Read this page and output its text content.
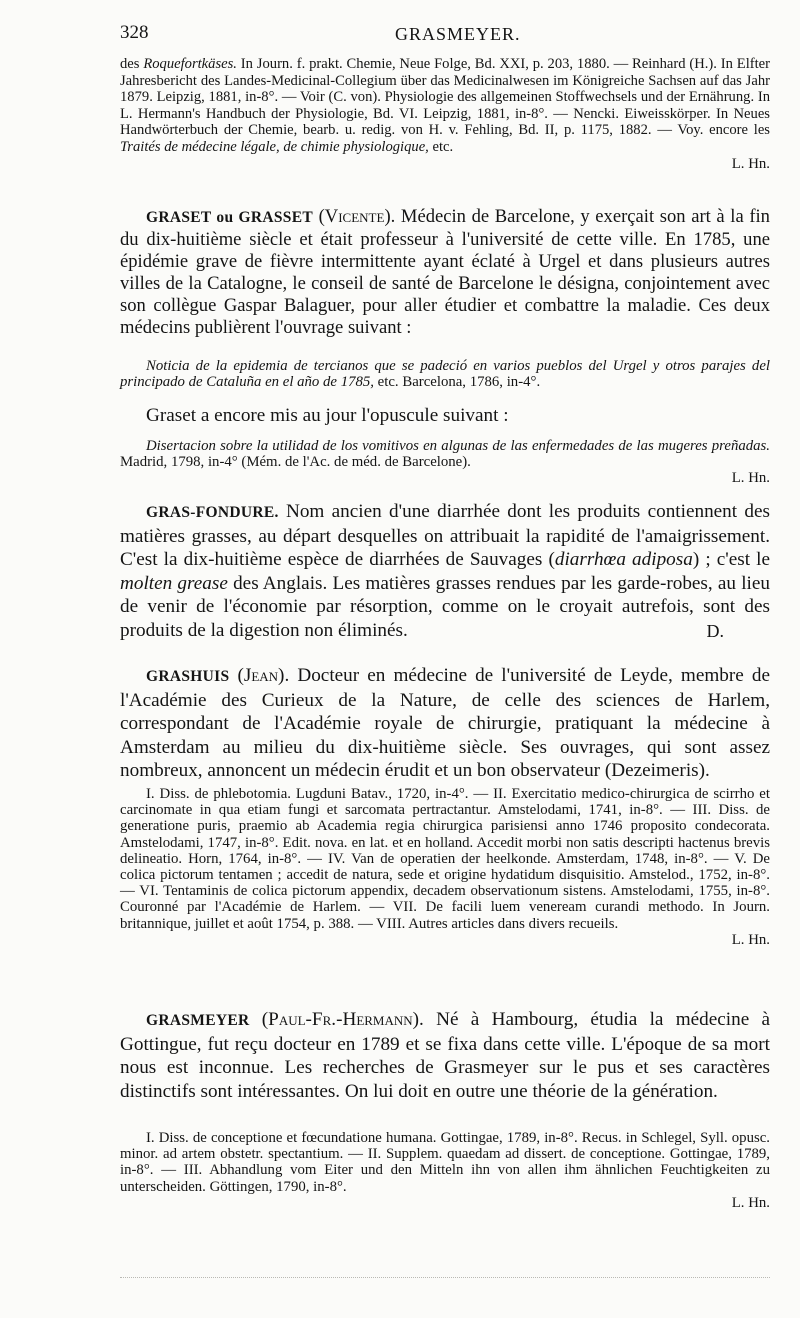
328	GRASMEYER.

des Roquefortkäses. In Journ. f. prakt. Chemie, Neue Folge, Bd. XXI, p. 203, 1880. — Reinhard (H.). In Elfter Jahresbericht des Landes-Medicinal-Collegium über das Medicinalwesen im Königreiche Sachsen auf das Jahr 1879. Leipzig, 1881, in-8°. — Voir (C. von). Physiologie des allgemeinen Stoffwechsels und der Ernährung. In L. Hermann's Handbuch der Physiologie, Bd. VI. Leipzig, 1881, in-8°. — Nencki. Eiweisskörper. In Neues Handwörterbuch der Chemie, bearb. u. redig. von H. v. Fehling, Bd. II, p. 1175, 1882. — Voy. encore les Traités de médecine légale, de chimie physiologique, etc.
L. Hn.

GRASET ou GRASSET (Vicente). Médecin de Barcelone, y exerçait son art à la fin du dix-huitième siècle et était professeur à l'université de cette ville. En 1785, une épidémie grave de fièvre intermittente ayant éclaté à Urgel et dans plusieurs autres villes de la Catalogne, le conseil de santé de Barcelone le désigna, conjointement avec son collègue Gaspar Balaguer, pour aller étudier et combattre la maladie. Ces deux médecins publièrent l'ouvrage suivant :

Noticia de la epidemia de tercianos que se padeció en varios pueblos del Urgel y otros parajes del principado de Cataluña en el año de 1785, etc. Barcelona, 1786, in-4°.

Graset a encore mis au jour l'opuscule suivant :

Disertacion sobre la utilidad de los vomitivos en algunas de las enfermedades de las mugeres preñadas. Madrid, 1798, in-4° (Mém. de l'Ac. de méd. de Barcelone).
L. Hn.

GRAS-FONDURE. Nom ancien d'une diarrhée dont les produits contiennent des matières grasses, au départ desquelles on attribuait la rapidité de l'amaigrissement. C'est la dix-huitième espèce de diarrhées de Sauvages (diarrhœa adiposa) ; c'est le molten grease des Anglais. Les matières grasses rendues par les garde-robes, au lieu de venir de l'économie par résorption, comme on le croyait autrefois, sont des produits de la digestion non éliminés.	D.

GRASHUIS (Jean). Docteur en médecine de l'université de Leyde, membre de l'Académie des Curieux de la Nature, de celle des sciences de Harlem, correspondant de l'Académie royale de chirurgie, pratiquant la médecine à Amsterdam au milieu du dix-huitième siècle. Ses ouvrages, qui sont assez nombreux, annoncent un médecin érudit et un bon observateur (Dezeimeris).

I. Diss. de phlebotomia. Lugduni Batav., 1720, in-4°. — II. Exercitatio medico-chirurgica de scirrho et carcinomate in qua etiam fungi et sarcomata pertractantur. Amstelodami, 1741, in-8°. — III. Diss. de generatione puris, praemio ab Academia regia chirurgica parisiensi anno 1746 proposito condecorata. Amstelodami, 1747, in-8°. Edit. nova. en lat. et en holland. Accedit morbi non satis descripti hactenus brevis delineatio. Horn, 1764, in-8°. — IV. Van de operatien der heelkonde. Amsterdam, 1748, in-8°. — V. De colica pictorum tentamen ; accedit de natura, sede et origine hydatidum disquisitio. Amstelod., 1752, in-8°. — VI. Tentaminis de colica pictorum appendix, decadem observationum sistens. Amstelodami, 1755, in-8°. Couronné par l'Académie de Harlem. — VII. De facili luem veneream curandi methodo. In Journ. britannique, juillet et août 1754, p. 388. — VIII. Autres articles dans divers recueils.
L. Hn.

GRASMEYER (Paul-Fr.-Hermann). Né à Hambourg, étudia la médecine à Gottingue, fut reçu docteur en 1789 et se fixa dans cette ville. L'époque de sa mort nous est inconnue. Les recherches de Grasmeyer sur le pus et ses caractères distinctifs sont intéressantes. On lui doit en outre une théorie de la génération.

I. Diss. de conceptione et fœcundatione humana. Gottingae, 1789, in-8°. Recus. in Schlegel, Syll. opusc. minor. ad artem obstetr. spectantium. — II. Supplem. quaedam ad dissert. de conceptione. Gottingae, 1789, in-8°. — III. Abhandlung vom Eiter und den Mitteln ihn von allen ihm ähnlichen Feuchtigkeiten zu unterscheiden. Göttingen, 1790, in-8°.
L. Hn.
